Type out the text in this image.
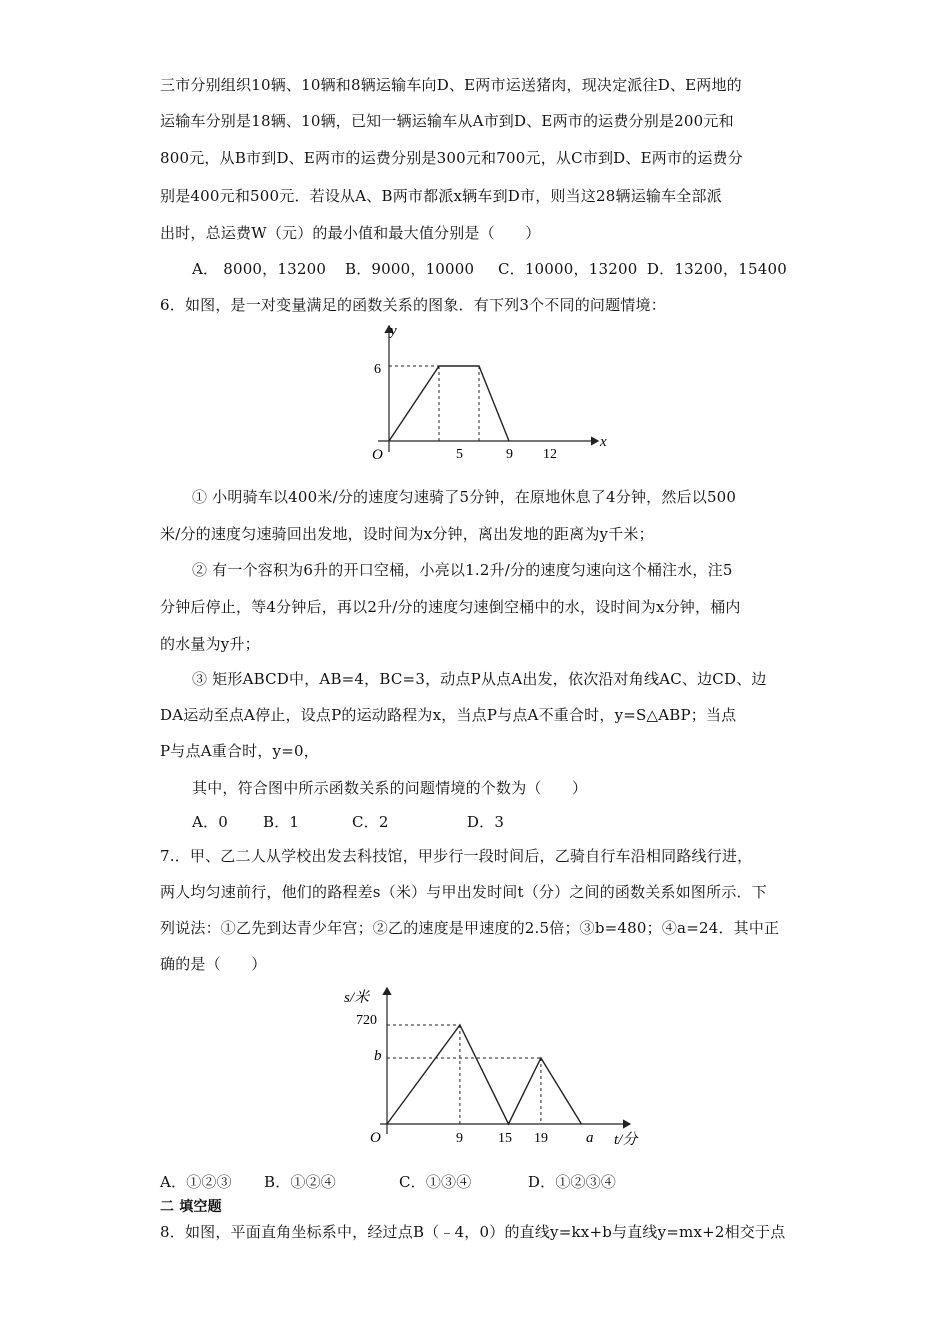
三市分别组织10辆、10辆和8辆运输车向D、E两市运送猪肉，现决定派往D、E两地的
运输车分别是18辆、10辆，已知一辆运输车从A市到D、E两市的运费分别是200元和
800元，从B市到D、E两市的运费分别是300元和700元，从C市到D、E两市的运费分
别是400元和500元．若设从A、B两市都派x辆车到D市，则当这28辆运输车全部派
出时，总运费W（元）的最小值和最大值分别是（　　）
A． 8000，13200 B．9000，10000 C．10000，13200 D．13200，15400
6．如图，是一对变量满足的函数关系的图象．有下列3个不同的问题情境：
y
x
O
6
5	9 12
① 小明骑车以400米/分的速度匀速骑了5分钟，在原地休息了4分钟，然后以500
米/分的速度匀速骑回出发地，设时间为x分钟，离出发地的距离为y千米；
② 有一个容积为6升的开口空桶，小亮以1.2升/分的速度匀速向这个桶注水，注5
分钟后停止，等4分钟后，再以2升/分的速度匀速倒空桶中的水，设时间为x分钟，桶内
的水量为y升；
③ 矩形ABCD中，AB=4，BC=3，动点P从点A出发，依次沿对角线AC、边CD、边
DA运动至点A停止，设点P的运动路程为x，当点P与点A不重合时，y=S△ABP；当点
P与点A重合时，y=0，
其中，符合图中所示函数关系的问题情境的个数为（　　）
A．0 B．1	C．2	D．3
7.．甲、乙二人从学校出发去科技馆，甲步行一段时间后，乙骑自行车沿相同路线行进，
两人均匀速前行，他们的路程差s（米）与甲出发时间t（分）之间的函数关系如图所示．下
列说法：①乙先到达青少年宫；②乙的速度是甲速度的2.5倍；③b=480；④a=24．其中正
确的是（　　）
s/米
t/分
O
720
b
9	15 19	a
A．①②③ B．①②④	C．①③④	D．①②③④
二 填空题
8．如图，平面直角坐标系中，经过点B（﹣4，0）的直线y=kx+b与直线y=mx+2相交于点
